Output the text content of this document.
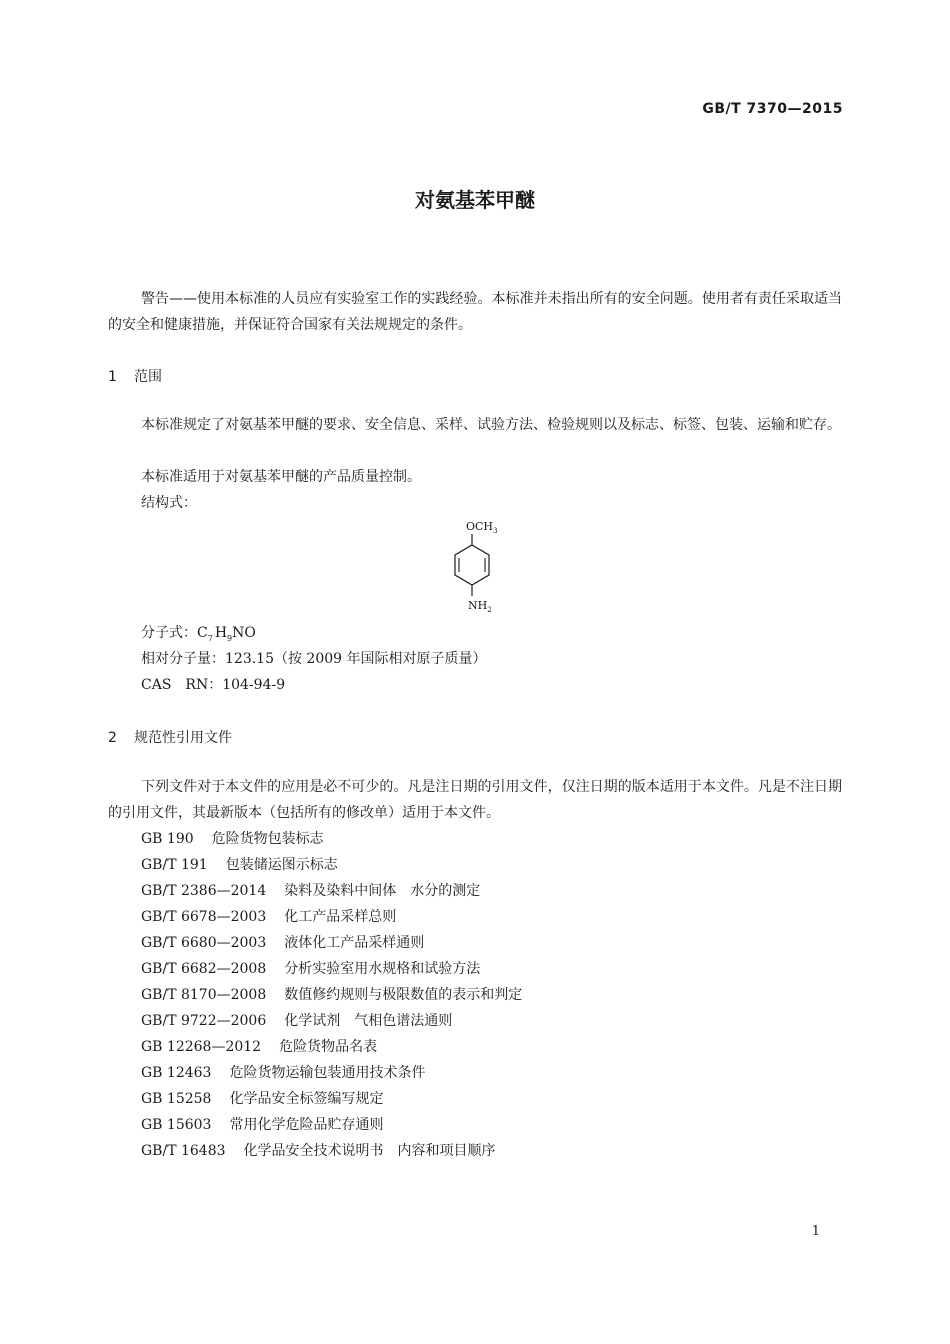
GB/T 7370—2015
对氨基苯甲醚
警告——使用本标准的人员应有实验室工作的实践经验。本标准并未指出所有的安全问题。使用者有责任采取适当的安全和健康措施，并保证符合国家有关法规规定的条件。
1 范围
本标准规定了对氨基苯甲醚的要求、安全信息、采样、试验方法、检验规则以及标志、标签、包装、运输和贮存。
本标准适用于对氨基苯甲醚的产品质量控制。
结构式：
$OCH_3$
$NH_2$
分子式：$C_7$ $H_9NO$
相对分子量：123.15（按 2009 年国际相对原子质量）
CAS　RN：104-94-9
2 规范性引用文件
下列文件对于本文件的应用是必不可少的。凡是注日期的引用文件，仅注日期的版本适用于本文件。凡是不注日期的引用文件，其最新版本（包括所有的修改单）适用于本文件。
GB 190 危险货物包装标志
GB/T 191 包装储运图示标志
GB/T 2386—2014 染料及染料中间体　水分的测定
GB/T 6678—2003 化工产品采样总则
GB/T 6680—2003 液体化工产品采样通则
GB/T 6682—2008 分析实验室用水规格和试验方法
GB/T 8170—2008 数值修约规则与极限数值的表示和判定
GB/T 9722—2006 化学试剂　气相色谱法通则
GB 12268—2012 危险货物品名表
GB 12463 危险货物运输包装通用技术条件
GB 15258 化学品安全标签编写规定
GB 15603 常用化学危险品贮存通则
GB/T 16483 化学品安全技术说明书　内容和项目顺序
1
